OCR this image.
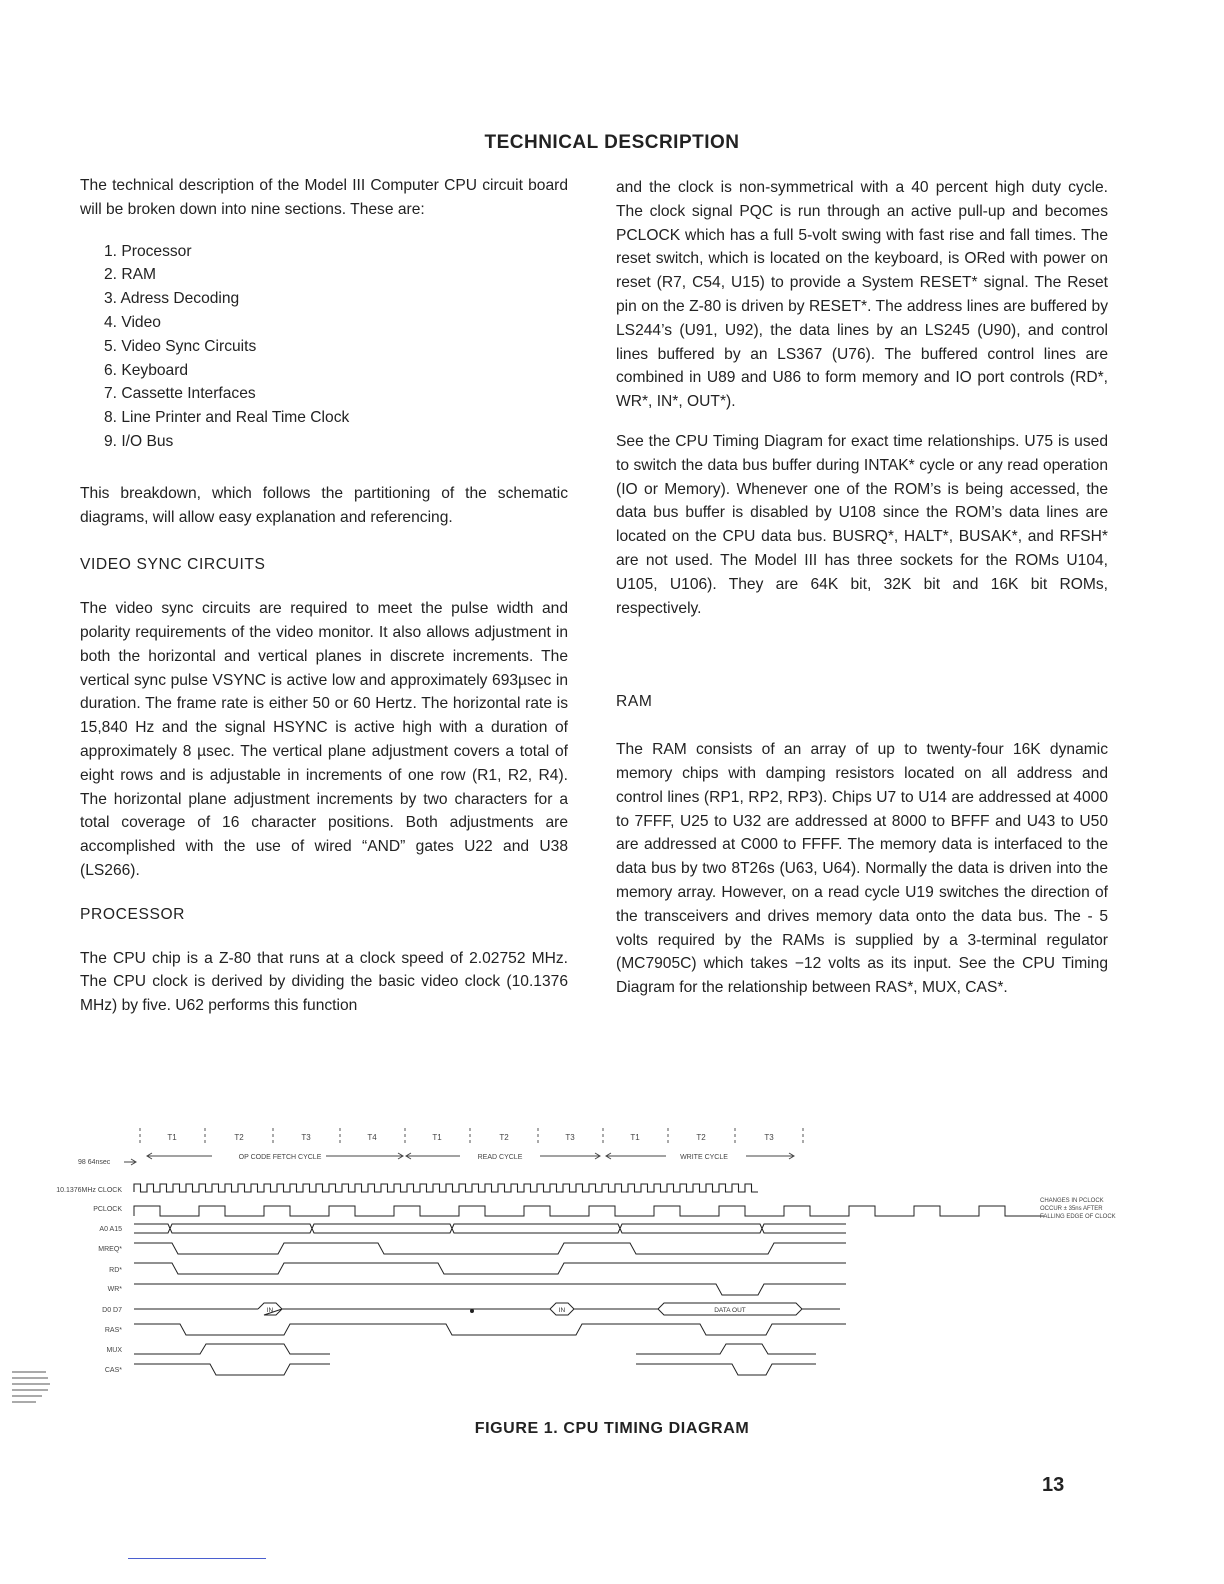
TECHNICAL DESCRIPTION

The technical description of the Model III Computer CPU circuit board will be broken down into nine sections. These are:

1. Processor
2. RAM
3. Adress Decoding
4. Video
5. Video Sync Circuits
6. Keyboard
7. Cassette Interfaces
8. Line Printer and Real Time Clock
9. I/O Bus

This breakdown, which follows the partitioning of the schematic diagrams, will allow easy explanation and referencing.

VIDEO SYNC CIRCUITS

The video sync circuits are required to meet the pulse width and polarity requirements of the video monitor. It also allows adjustment in both the horizontal and vertical planes in discrete increments. The vertical sync pulse VSYNC is active low and approximately 693µsec in duration. The frame rate is either 50 or 60 Hertz. The horizontal rate is 15,840 Hz and the signal HSYNC is active high with a duration of approximately 8 µsec. The vertical plane adjustment covers a total of eight rows and is adjustable in increments of one row (R1, R2, R4). The horizontal plane adjustment increments by two characters for a total coverage of 16 character positions. Both adjustments are accomplished with the use of wired “AND” gates U22 and U38 (LS266).

PROCESSOR

The CPU chip is a Z-80 that runs at a clock speed of 2.02752 MHz. The CPU clock is derived by dividing the basic video clock (10.1376 MHz) by five. U62 performs this function

and the clock is non-symmetrical with a 40 percent high duty cycle. The clock signal PQC is run through an active pull-up and becomes PCLOCK which has a full 5-volt swing with fast rise and fall times. The reset switch, which is located on the keyboard, is ORed with power on reset (R7, C54, U15) to provide a System RESET* signal. The Reset pin on the Z-80 is driven by RESET*. The address lines are buffered by LS244’s (U91, U92), the data lines by an LS245 (U90), and control lines buffered by an LS367 (U76). The buffered control lines are combined in U89 and U86 to form memory and IO port controls (RD*, WR*, IN*, OUT*).

See the CPU Timing Diagram for exact time relationships. U75 is used to switch the data bus buffer during INTAK* cycle or any read operation (IO or Memory). Whenever one of the ROM’s is being accessed, the data bus buffer is disabled by U108 since the ROM’s data lines are located on the CPU data bus. BUSRQ*, HALT*, BUSAK*, and RFSH* are not used. The Model III has three sockets for the ROMs U104, U105, U106). They are 64K bit, 32K bit and 16K bit ROMs, respectively.

RAM

The RAM consists of an array of up to twenty-four 16K dynamic memory chips with damping resistors located on all address and control lines (RP1, RP2, RP3). Chips U7 to U14 are addressed at 4000 to 7FFF, U25 to U32 are addressed at 8000 to BFFF and U43 to U50 are addressed at C000 to FFFF. The memory data is interfaced to the data bus by two 8T26s (U63, U64). Normally the data is driven into the memory array. However, on a read cycle U19 switches the direction of the transceivers and drives memory data onto the data bus. The - 5 volts required by the RAMs is supplied by a 3-terminal regulator (MC7905C) which takes −12 volts as its input. See the CPU Timing Diagram for the relationship between RAS*, MUX, CAS*.

T1	T2	T3	T4	T1	T2	T3	T1	T2	T3
98 64nsec
OP CODE FETCH CYCLE	READ CYCLE	WRITE CYCLE
10.1376MHz CLOCK
PCLOCK
A0 A15
MREQ*
RD*
WR*
D0 D7
RAS*
MUX
CAS*
IN	IN	DATA OUT
CHANGES IN PCLOCK
OCCUR ± 35ns AFTER
FALLING EDGE OF CLOCK
FIGURE 1. CPU TIMING DIAGRAM
13
